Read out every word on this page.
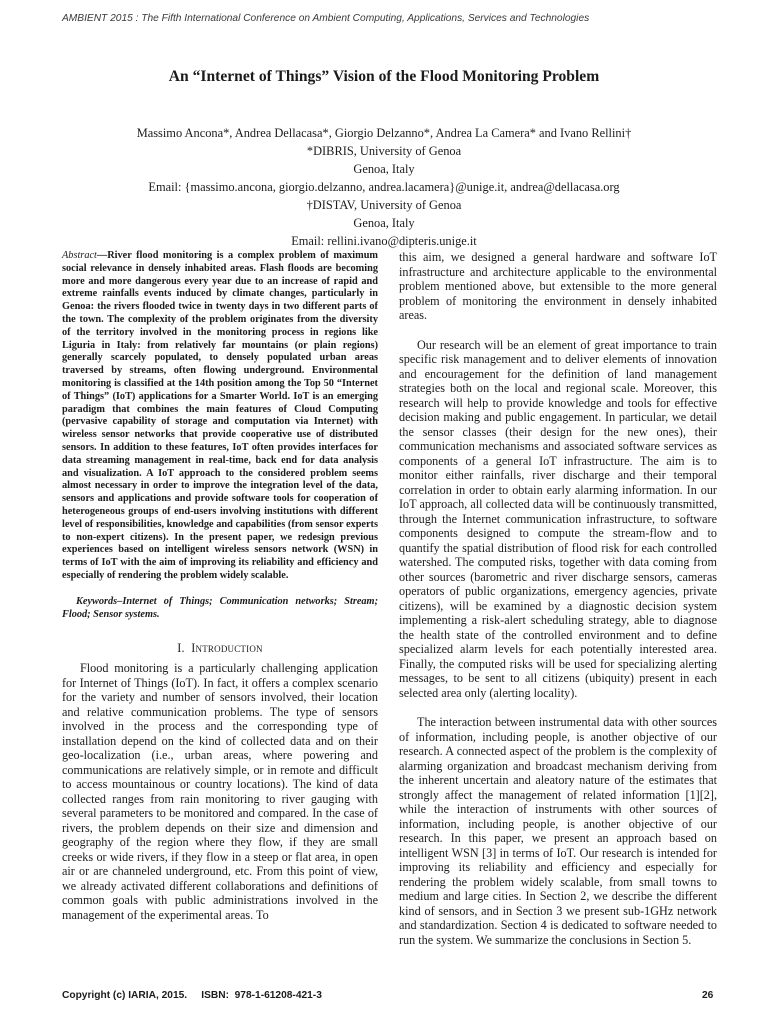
AMBIENT 2015 : The Fifth International Conference on Ambient Computing, Applications, Services and Technologies
An “Internet of Things” Vision of the Flood Monitoring Problem
Massimo Ancona*, Andrea Dellacasa*, Giorgio Delzanno*, Andrea La Camera* and Ivano Rellini†
*DIBRIS, University of Genoa
Genoa, Italy
Email: {massimo.ancona, giorgio.delzanno, andrea.lacamera}@unige.it, andrea@dellacasa.org
†DISTAV, University of Genoa
Genoa, Italy
Email: rellini.ivano@dipteris.unige.it

Abstract—River flood monitoring is a complex problem of maximum social relevance in densely inhabited areas. Flash floods are becoming more and more dangerous every year due to an increase of rapid and extreme rainfalls events induced by climate changes, particularly in Genoa: the rivers flooded twice in twenty days in two different parts of the town. The complexity of the problem originates from the diversity of the territory involved in the monitoring process in regions like Liguria in Italy: from relatively far mountains (or plain regions) generally scarcely populated, to densely populated urban areas traversed by streams, often flowing underground. Environmental monitoring is classified at the 14th position among the Top 50 “Internet of Things” (IoT) applications for a Smarter World. IoT is an emerging paradigm that combines the main features of Cloud Computing (pervasive capability of storage and computation via Internet) with wireless sensor networks that provide cooperative use of distributed sensors. In addition to these features, IoT often provides interfaces for data streaming management in real-time, back end for data analysis and visualization. A IoT approach to the considered problem seems almost necessary in order to improve the integration level of the data, sensors and applications and provide software tools for cooperation of heterogeneous groups of end-users involving institutions with different level of responsibilities, knowledge and capabilities (from sensor experts to non-expert citizens). In the present paper, we redesign previous experiences based on intelligent wireless sensors network (WSN) in terms of IoT with the aim of improving its reliability and efficiency and especially of rendering the problem widely scalable.

Keywords–Internet of Things; Communication networks; Stream; Flood; Sensor systems.

I. Introduction

Flood monitoring is a particularly challenging application for Internet of Things (IoT). In fact, it offers a complex scenario for the variety and number of sensors involved, their location and relative communication problems. The type of sensors involved in the process and the corresponding type of installation depend on the kind of collected data and on their geo-localization (i.e., urban areas, where powering and communications are relatively simple, or in remote and difficult to access mountainous or country locations). The kind of data collected ranges from rain monitoring to river gauging with several parameters to be monitored and compared. In the case of rivers, the problem depends on their size and dimension and geography of the region where they flow, if they are small creeks or wide rivers, if they flow in a steep or flat area, in open air or are channeled underground, etc. From this point of view, we already activated different collaborations and definitions of common goals with public administrations involved in the management of the experimental areas. To

this aim, we designed a general hardware and software IoT infrastructure and architecture applicable to the environmental problem mentioned above, but extensible to the more general problem of monitoring the environment in densely inhabited areas.

Our research will be an element of great importance to train specific risk management and to deliver elements of innovation and encouragement for the definition of land management strategies both on the local and regional scale. Moreover, this research will help to provide knowledge and tools for effective decision making and public engagement. In particular, we detail the sensor classes (their design for the new ones), their communication mechanisms and associated software services as components of a general IoT infrastructure. The aim is to monitor either rainfalls, river discharge and their temporal correlation in order to obtain early alarming information. In our IoT approach, all collected data will be continuously transmitted, through the Internet communication infrastructure, to software components designed to compute the stream-flow and to quantify the spatial distribution of flood risk for each controlled watershed. The computed risks, together with data coming from other sources (barometric and river discharge sensors, cameras operators of public organizations, emergency agencies, private citizens), will be examined by a diagnostic decision system implementing a risk-alert scheduling strategy, able to diagnose the health state of the controlled environment and to define specialized alarm levels for each potentially interested area. Finally, the computed risks will be used for specializing alerting messages, to be sent to all citizens (ubiquity) present in each selected area only (alerting locality).

The interaction between instrumental data with other sources of information, including people, is another objective of our research. A connected aspect of the problem is the complexity of alarming organization and broadcast mechanism deriving from the inherent uncertain and aleatory nature of the estimates that strongly affect the management of related information [1][2], while the interaction of instruments with other sources of information, including people, is another objective of our research. In this paper, we present an approach based on intelligent WSN [3] in terms of IoT. Our research is intended for improving its reliability and efficiency and especially for rendering the problem widely scalable, from small towns to medium and large cities. In Section 2, we describe the different kind of sensors, and in Section 3 we present sub-1GHz network and standardization. Section 4 is dedicated to software needed to run the system. We summarize the conclusions in Section 5.

Copyright (c) IARIA, 2015.     ISBN:  978-1-61208-421-3	26
